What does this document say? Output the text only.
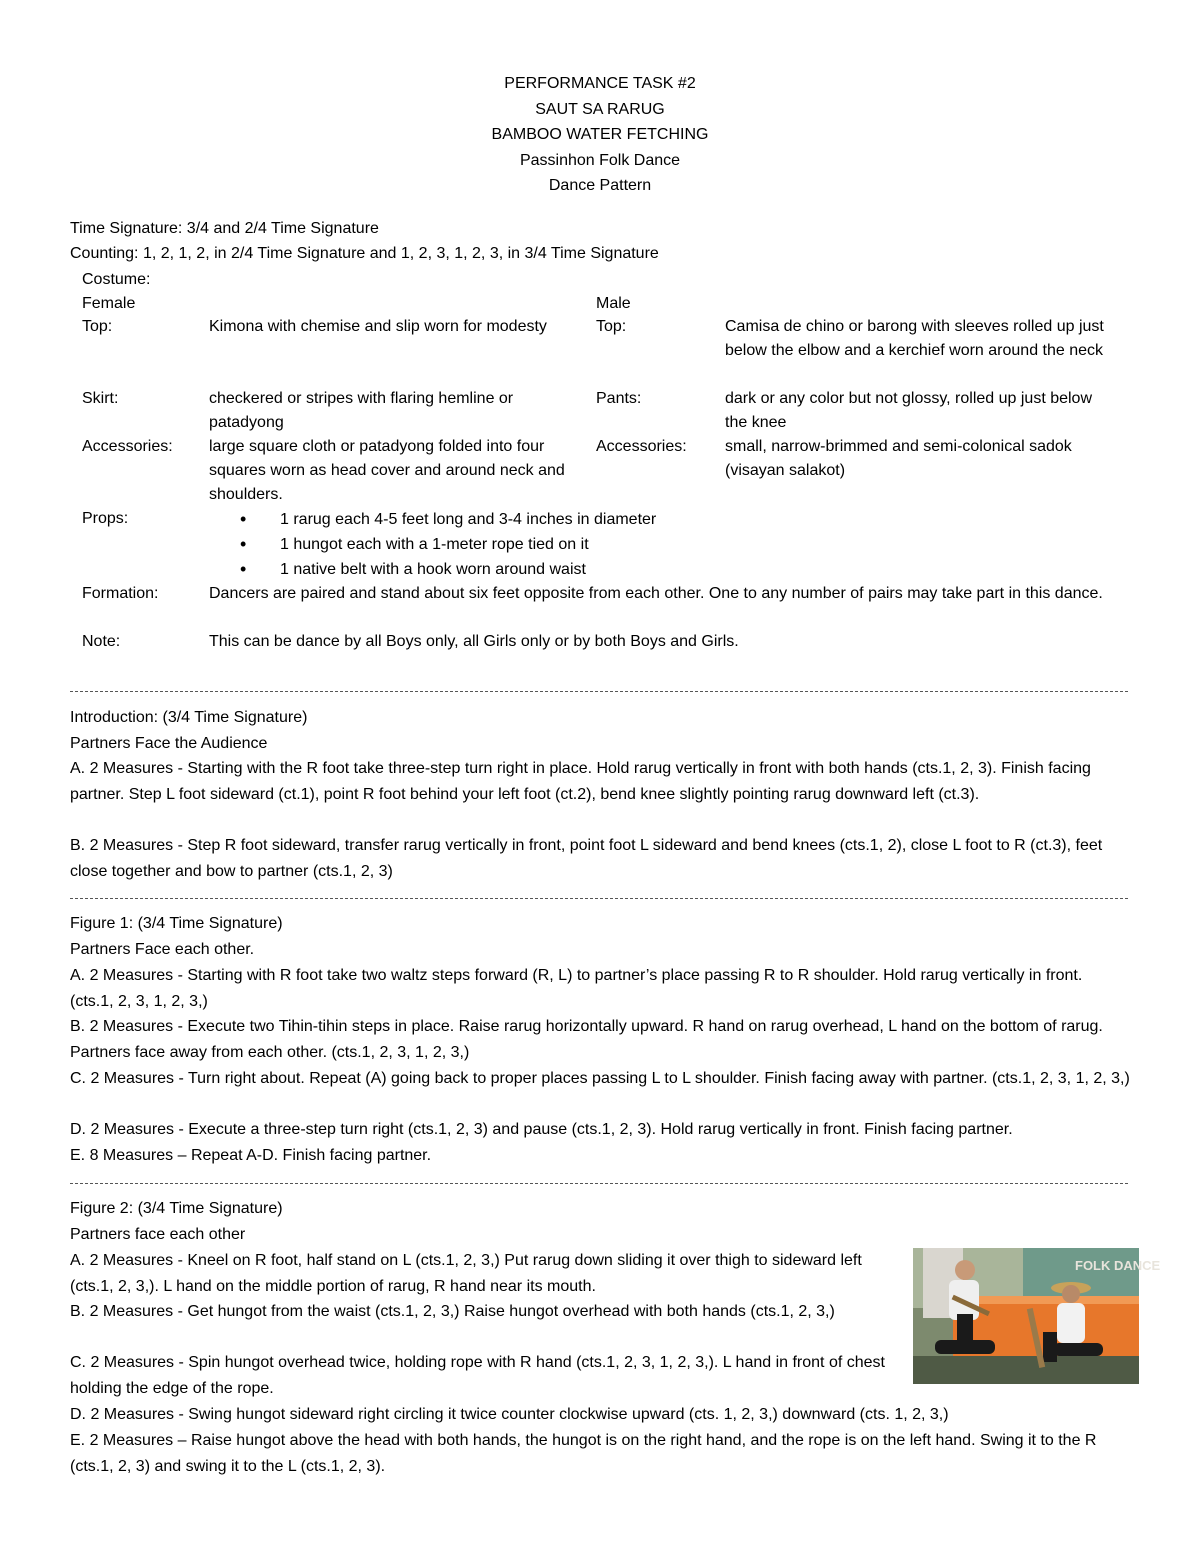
PERFORMANCE TASK #2
SAUT SA RARUG
BAMBOO WATER FETCHING
Passinhon Folk Dance
Dance Pattern
Time Signature: 3/4 and 2/4 Time Signature
Counting: 1, 2, 1, 2, in 2/4 Time Signature and 1, 2, 3, 1, 2, 3, in 3/4 Time Signature
Costume:
Female	Male
Top:	Kimona with chemise and slip worn for modesty	Top:	Camisa de chino or barong with sleeves rolled up just below the elbow and a kerchief worn around the neck
Skirt:	checkered or stripes with flaring hemline or patadyong
Pants:	dark or any color but not glossy, rolled up just below the knee
Accessories: large square cloth or patadyong folded into four squares worn as head cover and around neck and shoulders.
Accessories: small, narrow-brimmed and semi-colonical sadok (visayan salakot)
Props:
•	1 rarug each 4-5 feet long and 3-4 inches in diameter
• 1 hungot each with a 1-meter rope tied on it
• 1 native belt with a hook worn around waist
Formation:	Dancers are paired and stand about six feet opposite from each other. One to any number of pairs may take part in this dance.
Note:	This can be dance by all Boys only, all Girls only or by both Boys and Girls.
Introduction: (3/4 Time Signature)
Partners Face the Audience
A. 2 Measures - Starting with the R foot take three-step turn right in place. Hold rarug vertically in front with both hands (cts.1, 2, 3). Finish facing partner. Step L foot sideward (ct.1), point R foot behind your left foot (ct.2), bend knee slightly pointing rarug downward left (ct.3).
B. 2 Measures - Step R foot sideward, transfer rarug vertically in front, point foot L sideward and bend knees (cts.1, 2), close L foot to R (ct.3), feet close together and bow to partner (cts.1, 2, 3)
Figure 1: (3/4 Time Signature)
Partners Face each other.
A. 2 Measures - Starting with R foot take two waltz steps forward (R, L) to partner’s place passing R to R shoulder. Hold rarug vertically in front. (cts.1, 2, 3, 1, 2, 3,)
B. 2 Measures - Execute two Tihin-tihin steps in place. Raise rarug horizontally upward. R hand on rarug overhead, L hand on the bottom of rarug. Partners face away from each other. (cts.1, 2, 3, 1, 2, 3,)
C. 2 Measures - Turn right about. Repeat (A) going back to proper places passing L to L shoulder. Finish facing away with partner. (cts.1, 2, 3, 1, 2, 3,)
D. 2 Measures - Execute a three-step turn right (cts.1, 2, 3) and pause (cts.1, 2, 3). Hold rarug vertically in front. Finish facing partner.
E. 8 Measures – Repeat A-D. Finish facing partner.
Figure 2: (3/4 Time Signature)
Partners face each other
A. 2 Measures - Kneel on R foot, half stand on L (cts.1, 2, 3,) Put rarug down sliding it over thigh to sideward left (cts.1, 2, 3,). L hand on the middle portion of rarug, R hand near its mouth.
B. 2 Measures - Get hungot from the waist (cts.1, 2, 3,) Raise hungot overhead with both hands (cts.1, 2, 3,)
C. 2 Measures - Spin hungot overhead twice, holding rope with R hand (cts.1, 2, 3, 1, 2, 3,). L hand in front of chest holding the edge of the rope.
D. 2 Measures - Swing hungot sideward right circling it twice counter clockwise upward (cts. 1, 2, 3,) downward (cts. 1, 2, 3,)
E. 2 Measures – Raise hungot above the head with both hands, the hungot is on the right hand, and the rope is on the left hand. Swing it to the R (cts.1, 2, 3) and swing it to the L (cts.1, 2, 3).
FOLK DANCE
